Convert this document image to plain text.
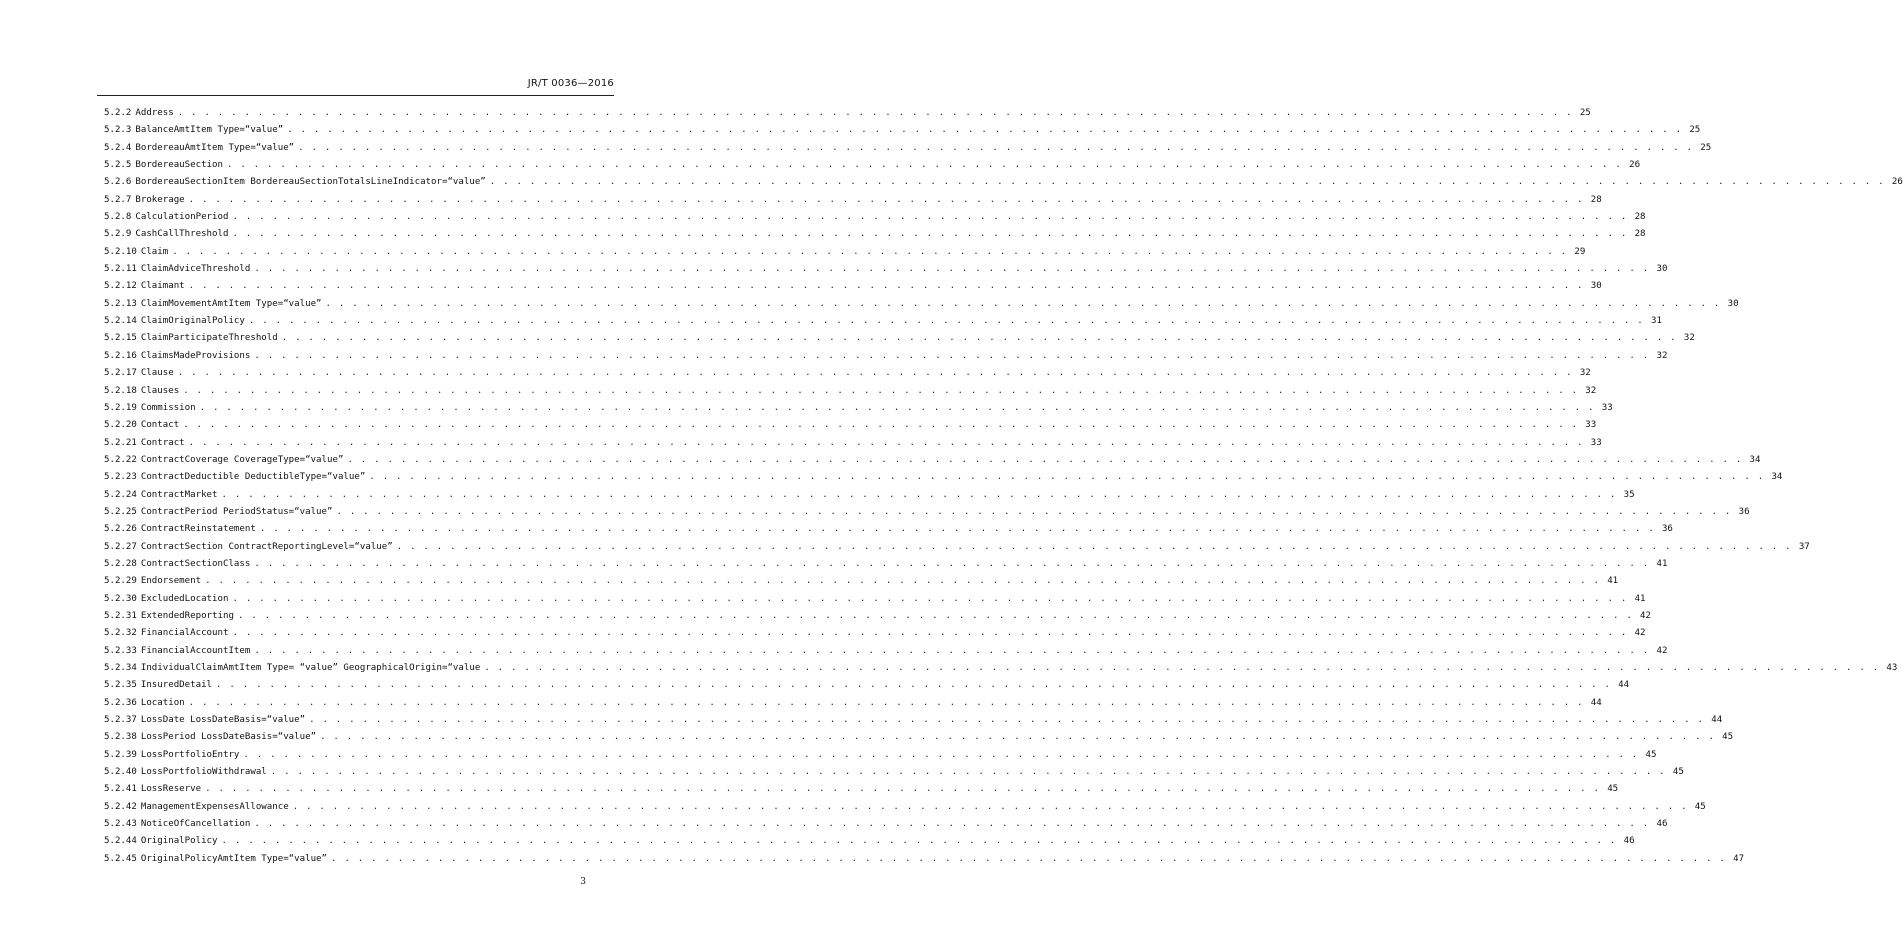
JR/T 0036—2016
5.2.2 Address . . .	25
5.2.3 BalanceAmtItem Type=“value” . . .	25
5.2.4 BordereauAmtItem Type=“value” . . .	25
5.2.5 BordereauSection . . .	26
5.2.6 BordereauSectionItem BordereauSectionTotalsLineIndicator=“value” . . .	26
5.2.7 Brokerage . . .	28
5.2.8 CalculationPeriod . . .	28
5.2.9 CashCallThreshold . . .	28
5.2.10 Claim . . .	29
5.2.11 ClaimAdviceThreshold . . .	30
5.2.12 Claimant . . .	30
5.2.13 ClaimMovementAmtItem Type=“value” . . .	30
5.2.14 ClaimOriginalPolicy . . .	31
5.2.15 ClaimParticipateThreshold . . .	32
5.2.16 ClaimsMadeProvisions . . .	32
5.2.17 Clause . . .	32
5.2.18 Clauses . . .	32
5.2.19 Commission . . .	33
5.2.20 Contact . . .	33
5.2.21 Contract . . .	33
5.2.22 ContractCoverage CoverageType=“value” . . .	34
5.2.23 ContractDeductible DeductibleType=“value” . . .	34
5.2.24 ContractMarket . . .	35
5.2.25 ContractPeriod PeriodStatus=“value” . . .	36
5.2.26 ContractReinstatement . . .	36
5.2.27 ContractSection ContractReportingLevel=“value” . . .	37
5.2.28 ContractSectionClass . . .	41
5.2.29 Endorsement . . .	41
5.2.30 ExcludedLocation . . .	41
5.2.31 ExtendedReporting . . .	42
5.2.32 FinancialAccount . . .	42
5.2.33 FinancialAccountItem . . .	42
5.2.34 IndividualClaimAmtItem Type= “value” GeographicalOrigin=“value . . .	43
5.2.35 InsuredDetail . . .	44
5.2.36 Location . . .	44
5.2.37 LossDate LossDateBasis=“value” . . .	44
5.2.38 LossPeriod LossDateBasis=“value” . . .	45
5.2.39 LossPortfolioEntry . . .	45
5.2.40 LossPortfolioWithdrawal . . .	45
5.2.41 LossReserve . . .	45
5.2.42 ManagementExpensesAllowance . . .	45
5.2.43 NoticeOfCancellation . . .	46
5.2.44 OriginalPolicy . . .	46
5.2.45 OriginalPolicyAmtItem Type=“value” . . .	47
3
